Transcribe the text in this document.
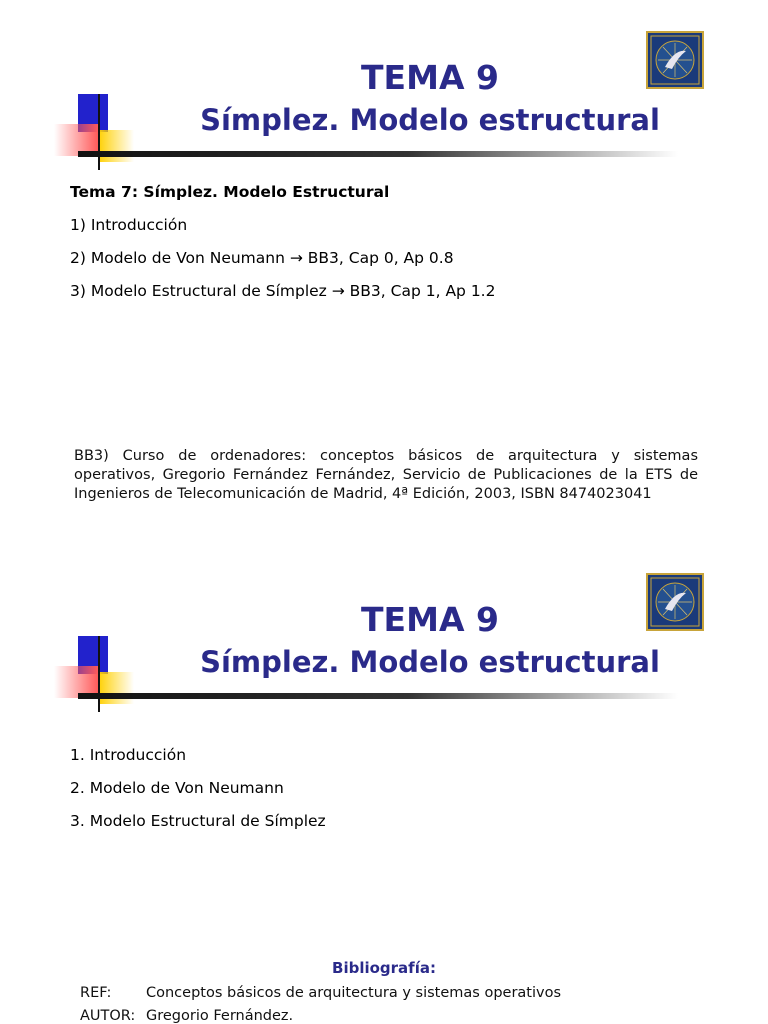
TEMA 9
Símplez. Modelo estructural
Tema 7: Símplez. Modelo Estructural
1) Introducción
2) Modelo de Von Neumann → BB3, Cap 0, Ap 0.8
3) Modelo Estructural de Símplez → BB3, Cap 1, Ap 1.2

BB3) Curso de ordenadores: conceptos básicos de arquitectura y sistemas operativos, Gregorio Fernández Fernández, Servicio de Publicaciones de la ETS de Ingenieros de Telecomunicación de Madrid, 4ª Edición, 2003, ISBN 8474023041

TEMA 9
Símplez. Modelo estructural
1. Introducción
2. Modelo de Von Neumann
3. Modelo Estructural de Símplez

Bibliografía:

REF: Conceptos básicos de arquitectura y sistemas operativos
AUTOR: Gregorio Fernández.
